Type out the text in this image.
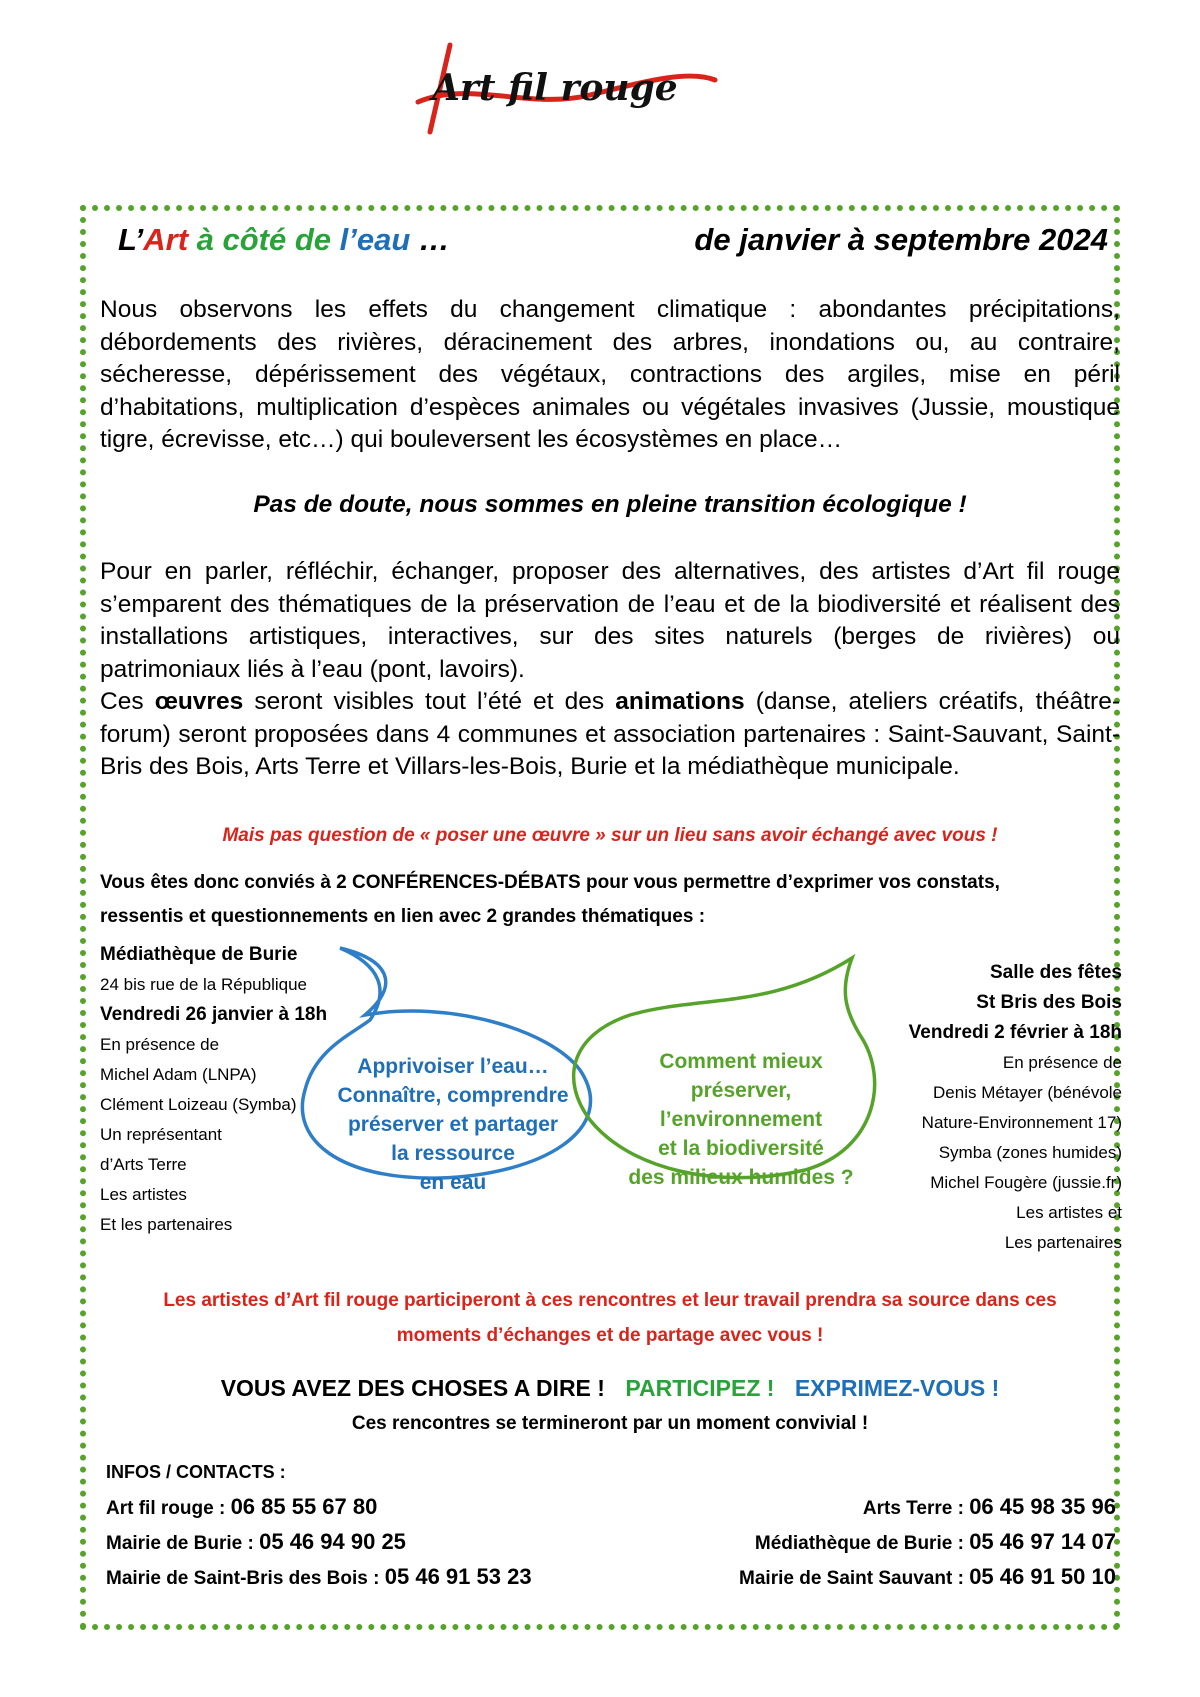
Art fil rouge
L’Art à côté de l’eau …	de janvier à septembre 2024

Nous observons les effets du changement climatique : abondantes précipitations, débordements des rivières, déracinement des arbres, inondations ou, au contraire, sécheresse, dépérissement des végétaux, contractions des argiles, mise en péril d’habitations, multiplication d’espèces animales ou végétales invasives (Jussie, moustique tigre, écrevisse, etc…) qui bouleversent les écosystèmes en place…

Pas de doute, nous sommes en pleine transition écologique !

Pour en parler, réfléchir, échanger, proposer des alternatives, des artistes d’Art fil rouge s’emparent des thématiques de la préservation de l’eau et de la biodiversité et réalisent des installations artistiques, interactives, sur des sites naturels (berges de rivières) ou patrimoniaux liés à l’eau (pont, lavoirs).

Ces œuvres seront visibles tout l’été et des animations (danse, ateliers créatifs, théâtre-forum) seront proposées dans 4 communes et association partenaires : Saint-Sauvant, Saint-Bris des Bois, Arts Terre et Villars-les-Bois, Burie et la médiathèque municipale.

Mais pas question de « poser une œuvre » sur un lieu sans avoir échangé avec vous !
Vous êtes donc conviés à 2 CONFÉRENCES-DÉBATS pour vous permettre d’exprimer vos constats,
ressentis et questionnements en lien avec 2 grandes thématiques :
Médiathèque de Burie
24 bis rue de la République
Vendredi 26 janvier à 18h
En présence de
Michel Adam (LNPA)
Clément Loizeau (Symba)
Un représentant
d’Arts Terre
Les artistes
Et les partenaires
Salle des fêtes
St Bris des Bois
Vendredi 2 février à 18h
En présence de
Denis Métayer (bénévole
Nature-Environnement 17)
Symba (zones humides)
Michel Fougère (jussie.fr)
Les artistes et
Les partenaires
Apprivoiser l’eau…
Connaître, comprendre
préserver et partager
la ressource
en eau
Comment mieux
préserver,
l’environnement
et la biodiversité
des milieux humides ?
Les artistes d’Art fil rouge participeront à ces rencontres et leur travail prendra sa source dans ces
moments d’échanges et de partage avec vous !
VOUS AVEZ DES CHOSES A DIRE ! PARTICIPEZ ! EXPRIMEZ-VOUS !
Ces rencontres se termineront par un moment convivial !
INFOS / CONTACTS :
Art fil rouge : 06 85 55 67 80	Arts Terre : 06 45 98 35 96
Mairie de Burie : 05 46 94 90 25	Médiathèque de Burie : 05 46 97 14 07
Mairie de Saint-Bris des Bois : 05 46 91 53 23	Mairie de Saint Sauvant : 05 46 91 50 10
